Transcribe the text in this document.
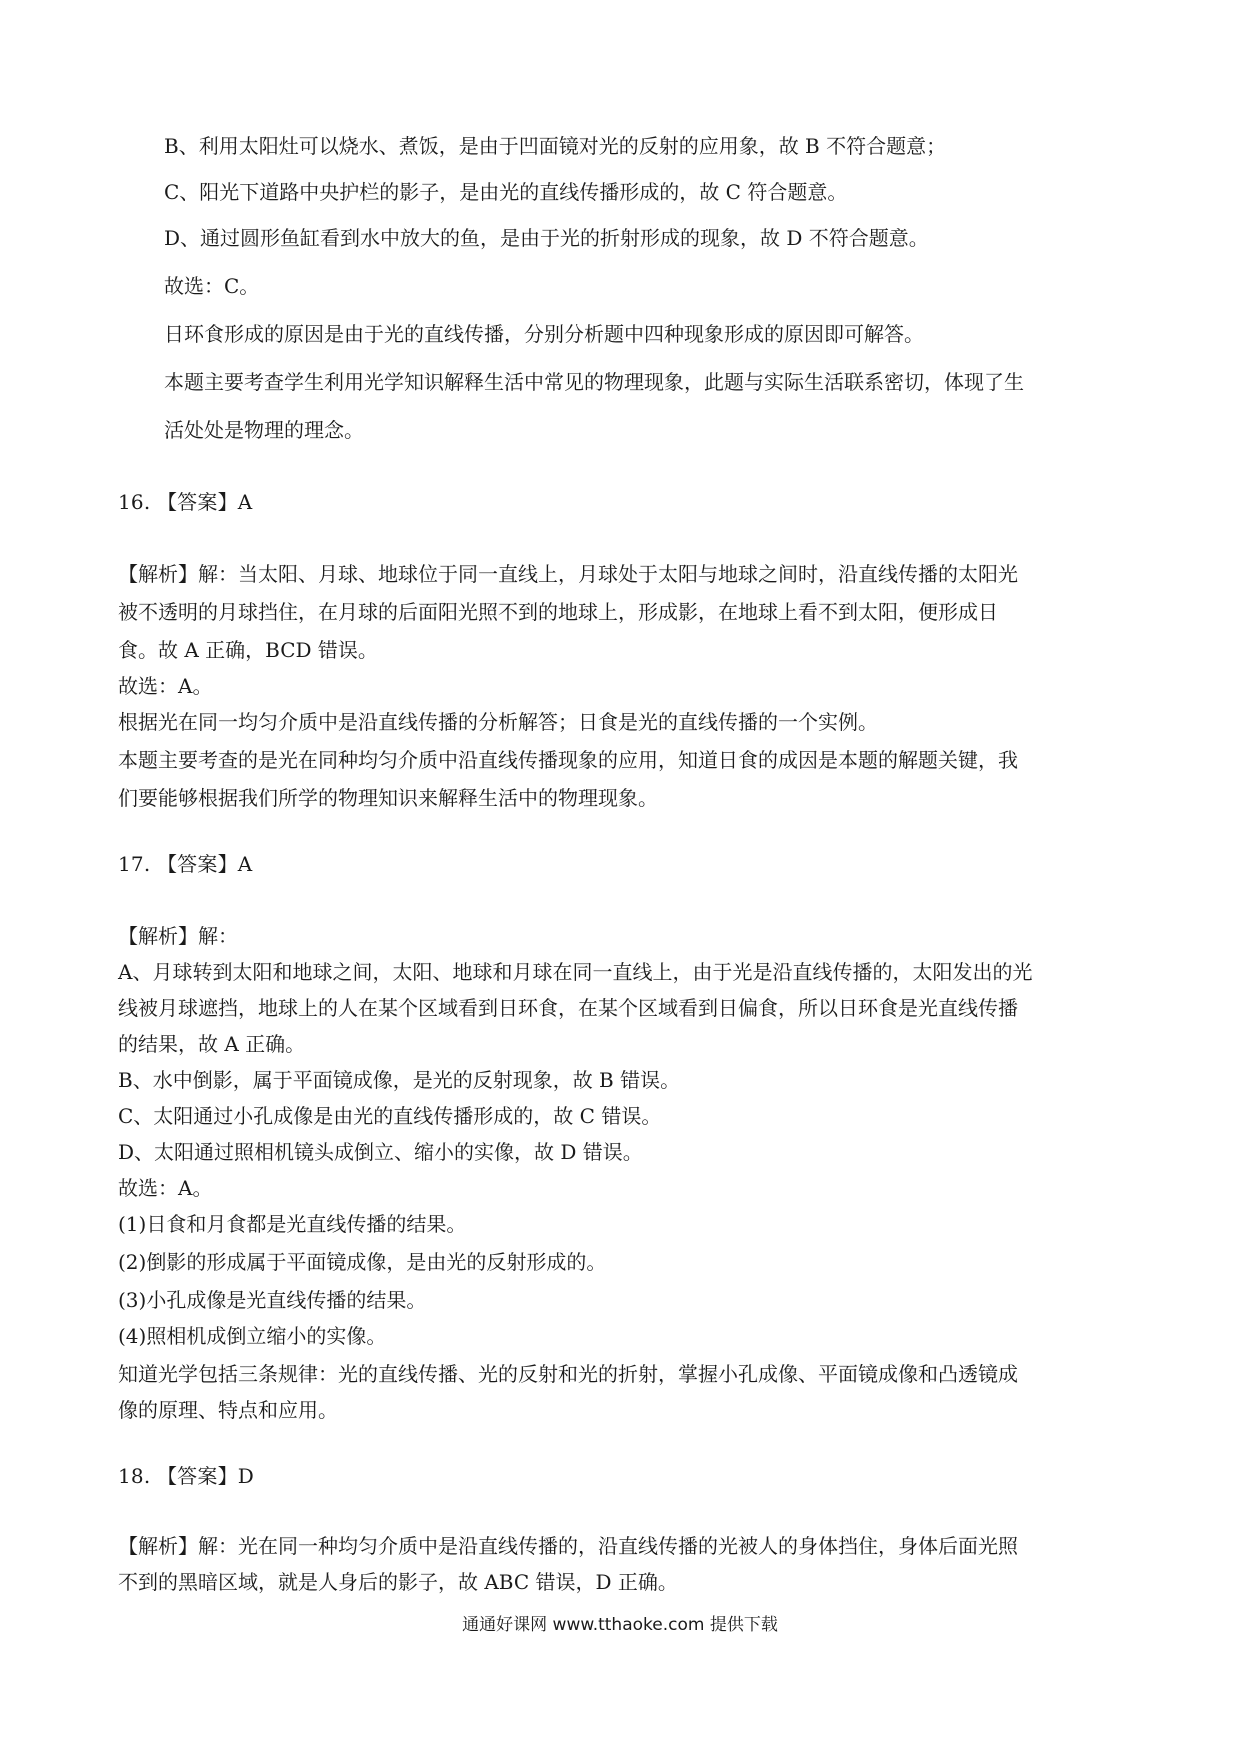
B、利用太阳灶可以烧水、煮饭，是由于凹面镜对光的反射的应用象，故 B 不符合题意；
C、阳光下道路中央护栏的影子，是由光的直线传播形成的，故 C 符合题意。
D、通过圆形鱼缸看到水中放大的鱼，是由于光的折射形成的现象，故 D 不符合题意。
故选：C。
日环食形成的原因是由于光的直线传播，分别分析题中四种现象形成的原因即可解答。
本题主要考查学生利用光学知识解释生活中常见的物理现象，此题与实际生活联系密切，体现了生
活处处是物理的理念。
16. 【答案】A
【解析】解：当太阳、月球、地球位于同一直线上，月球处于太阳与地球之间时，沿直线传播的太阳光
被不透明的月球挡住，在月球的后面阳光照不到的地球上，形成影，在地球上看不到太阳，便形成日
食。故 A 正确，BCD 错误。
故选：A。
根据光在同一均匀介质中是沿直线传播的分析解答；日食是光的直线传播的一个实例。
本题主要考查的是光在同种均匀介质中沿直线传播现象的应用，知道日食的成因是本题的解题关键，我
们要能够根据我们所学的物理知识来解释生活中的物理现象。
17. 【答案】A
【解析】解：
A、月球转到太阳和地球之间，太阳、地球和月球在同一直线上，由于光是沿直线传播的，太阳发出的光
线被月球遮挡，地球上的人在某个区域看到日环食，在某个区域看到日偏食，所以日环食是光直线传播
的结果，故 A 正确。
B、水中倒影，属于平面镜成像，是光的反射现象，故 B 错误。
C、太阳通过小孔成像是由光的直线传播形成的，故 C 错误。
D、太阳通过照相机镜头成倒立、缩小的实像，故 D 错误。
故选：A。
(1)日食和月食都是光直线传播的结果。
(2)倒影的形成属于平面镜成像，是由光的反射形成的。
(3)小孔成像是光直线传播的结果。
(4)照相机成倒立缩小的实像。
知道光学包括三条规律：光的直线传播、光的反射和光的折射，掌握小孔成像、平面镜成像和凸透镜成
像的原理、特点和应用。
18. 【答案】D
【解析】解：光在同一种均匀介质中是沿直线传播的，沿直线传播的光被人的身体挡住，身体后面光照
不到的黑暗区域，就是人身后的影子，故 ABC 错误，D 正确。
通通好课网 www.tthaoke.com 提供下载
